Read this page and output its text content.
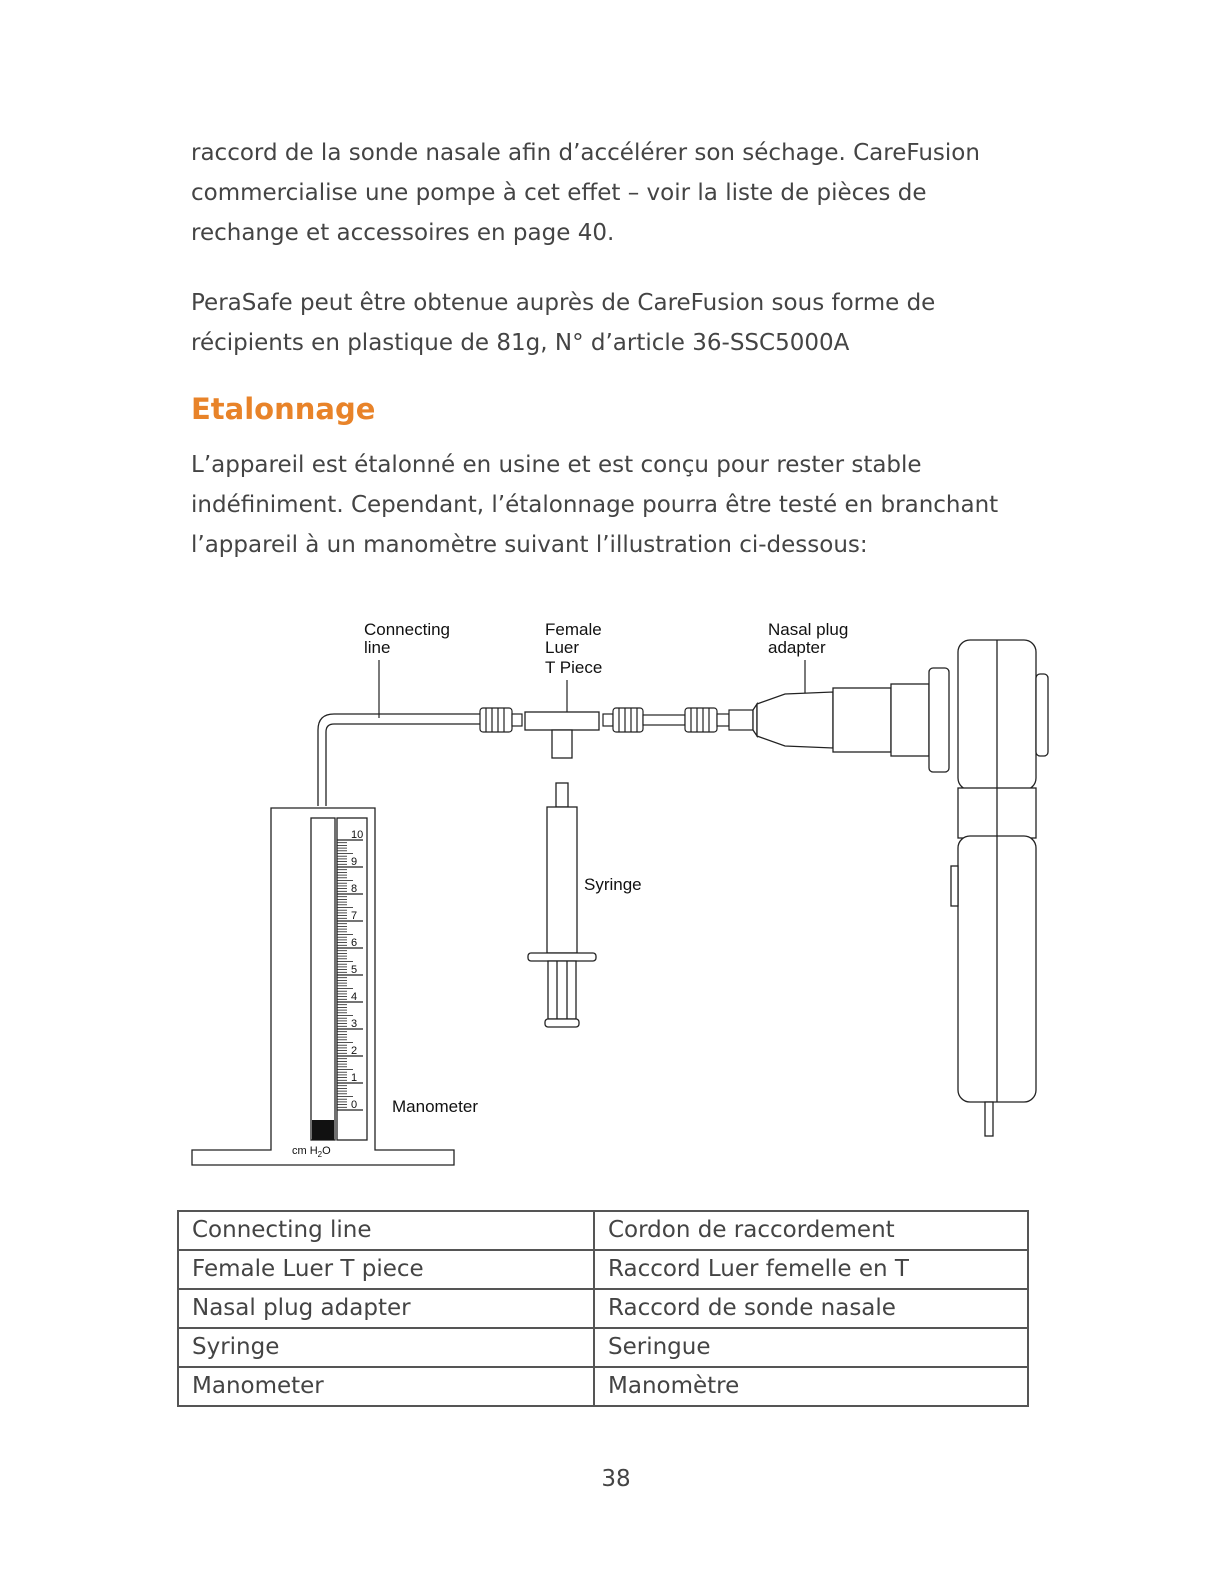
raccord de la sonde nasale afin d’accélérer son séchage. CareFusion
commercialise une pompe à cet effet – voir la liste de pièces de
rechange et accessoires en page 40.

PeraSafe peut être obtenue auprès de CareFusion sous forme de
récipients en plastique de 81g, N° d’article 36-SSC5000A

Etalonnage

L’appareil est étalonné en usine et est conçu pour rester stable
indéfiniment. Cependant, l’étalonnage pourra être testé en branchant
l’appareil à un manomètre suivant l’illustration ci-dessous:

Connecting line
Female Luer T Piece
Nasal plug adapter
Syringe
Manometer
10
9
8
7
6
5
4
3
2
1
0
cm $H_2O$
Connecting line	Cordon de raccordement
Female Luer T piece	Raccord Luer femelle en T
Nasal plug adapter	Raccord de sonde nasale
Syringe	Seringue
Manometer	Manomètre
38
